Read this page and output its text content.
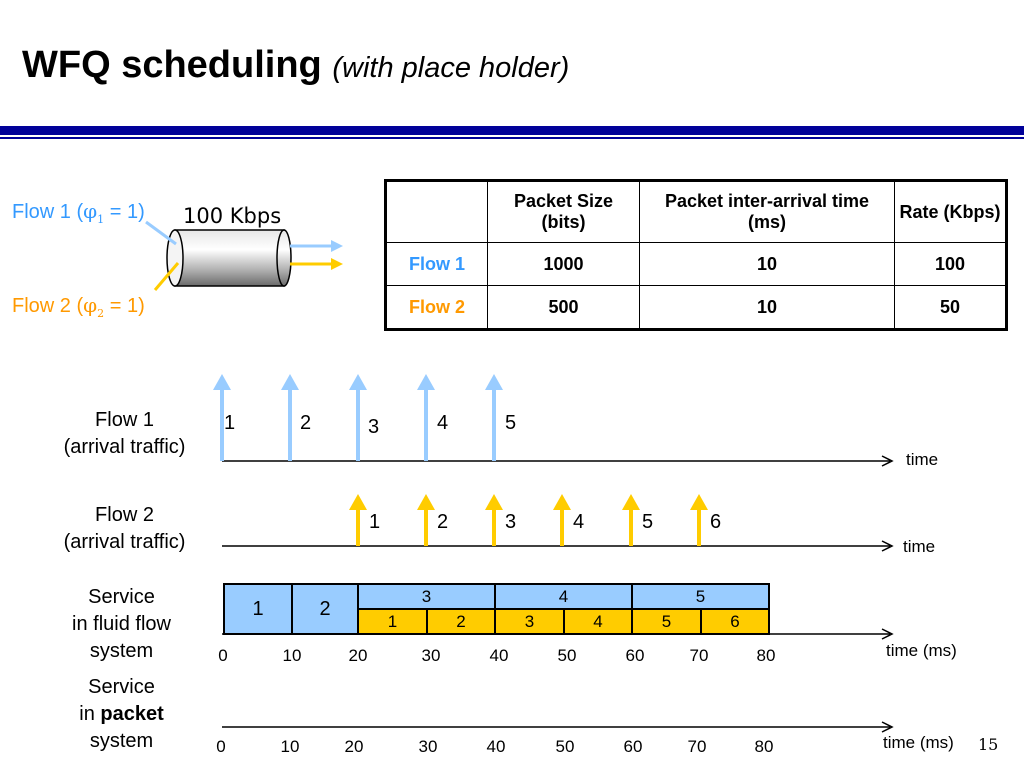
WFQ scheduling (with place holder)
Flow 1 $(\varphi_1 = 1)$
Flow 2 $(\varphi_2 = 1)$
100 Kbps
	Packet Size (bits)	Packet inter-arrival time (ms)	Rate (Kbps)
Flow 1	1000	10	100
Flow 2	500	10	50
Flow 1
(arrival traffic)
Flow 2
(arrival traffic)
Service
in fluid flow
system
Service
in packet
system
time
time
time (ms)
time (ms) 15
1	2	3	4	5
1	2	3	4	5	6
1	2
3	4	5
1	2	3	4	5	6
0	10	20	30	40	50	60	70	80
0	10	20	30	40	50	60	70	80
